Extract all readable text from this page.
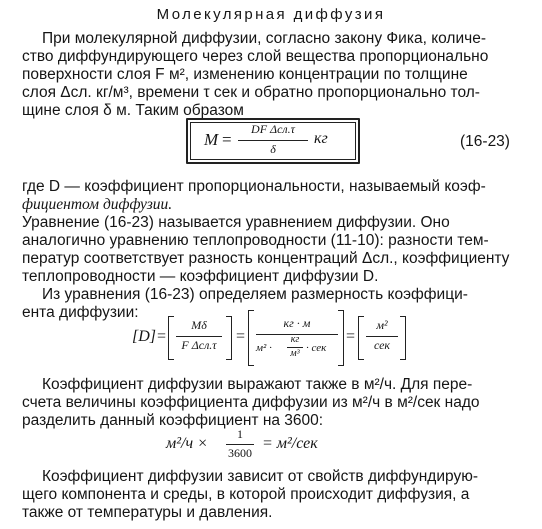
Молекулярная диффузия
При молекулярной диффузии, согласно закону Фика, количе-
ство диффундирующего через слой вещества пропорционально
поверхности слоя F м², изменению концентрации по толщине
слоя Δсл. кг/м³, времени τ сек и обратно пропорционально тол-
щине слоя δ м. Таким образом
M =
DF Δсл.τ
δ
кг	(16-23)
где D — коэффициент пропорциональности, называемый коэф-
фициентом диффузии.
Уравнение (16-23) называется уравнением диффузии. Оно
аналогично уравнению теплопроводности (11-10): разности тем-
ператур соответствует разность концентраций Δсл., коэффициенту
теплопроводности — коэффициент диффузии D.
Из уравнения (16-23) определяем размерность коэффици-
ента диффузии:
[D] =
Mδ
F Δсл.τ	=
кг · м
м² ·
кг
м³ · сек
=
м²
сек
Коэффициент диффузии выражают также в м²/ч. Для пере-
счета величины коэффициента диффузии из м²/ч в м²/сек надо
разделить данный коэффициент на 3600:
м²/ч ×
1
3600
= м²/сек
Коэффициент диффузии зависит от свойств диффундирую-
щего компонента и среды, в которой происходит диффузия, а
также от температуры и давления.
